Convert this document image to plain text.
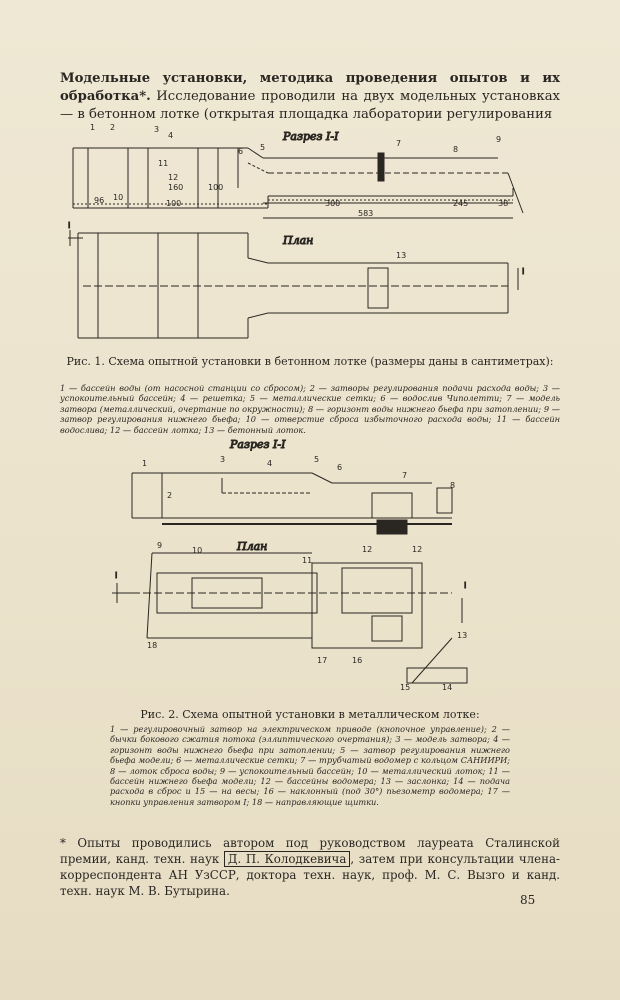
Модельные установки, методика проведения опытов и их обработка*. Исследование проводили на двух модельных установках — в бетонном лотке (открытая площадка лаборатории регулирования
Разрез I-I
1 2	3
4
5
6
7
8
9
10
11
12
13
96	100
160	100
300
583
245	38
План
I
I
Рис. 1. Схема опытной установки в бетонном лотке (размеры даны в сантиметрах):
1 — бассейн воды (от насосной станции со сбросом); 2 — затворы регулирования подачи расхода воды; 3 — успокоительный бассейн; 4 — решетка; 5 — металлические сетки; 6 — водослив Чиполетти; 7 — модель затвора (металлический, очертание по окружности); 8 — горизонт воды нижнего бьефа при затоплении; 9 — затвор регулирования нижнего бьефа; 10 — отверстие сброса избыточного расхода воды; 11 — бассейн водослива; 12 — бассейн лотка; 13 — бетонный лоток.
Разрез I-I
1
2
3	4	5
6
7
8
9
10
11
12	12
13
14
15
16
17
18
План
I
I
Рис. 2. Схема опытной установки в металлическом лотке:
1 — регулировочный затвор на электрическом приводе (кнопочное управление); 2 — бычки бокового сжатия потока (эллиптического очертания); 3 — модель затвора; 4 — горизонт воды нижнего бьефа при затоплении; 5 — затвор регулирования нижнего бьефа модели; 6 — металлические сетки; 7 — трубчатый водомер с кольцом САНИИРИ; 8 — лоток сброса воды; 9 — успокоительный бассейн; 10 — металлический лоток; 11 — бассейн нижнего бьефа модели; 12 — бассейны водомера; 13 — заслонка; 14 — подача расхода в сброс и 15 — на весы; 16 — наклонный (под 30°) пьезометр водомера; 17 — кнопки управления затвором I; 18 — направляющие щитки.
* Опыты проводились автором под руководством лауреата Сталинской премии, канд. техн. наук Д. П. Колодкевича , затем при консультации члена-корреспондента АН УзССР, доктора техн. наук, проф. М. С. Вызго и канд. техн. наук М. В. Бутырина.
85
